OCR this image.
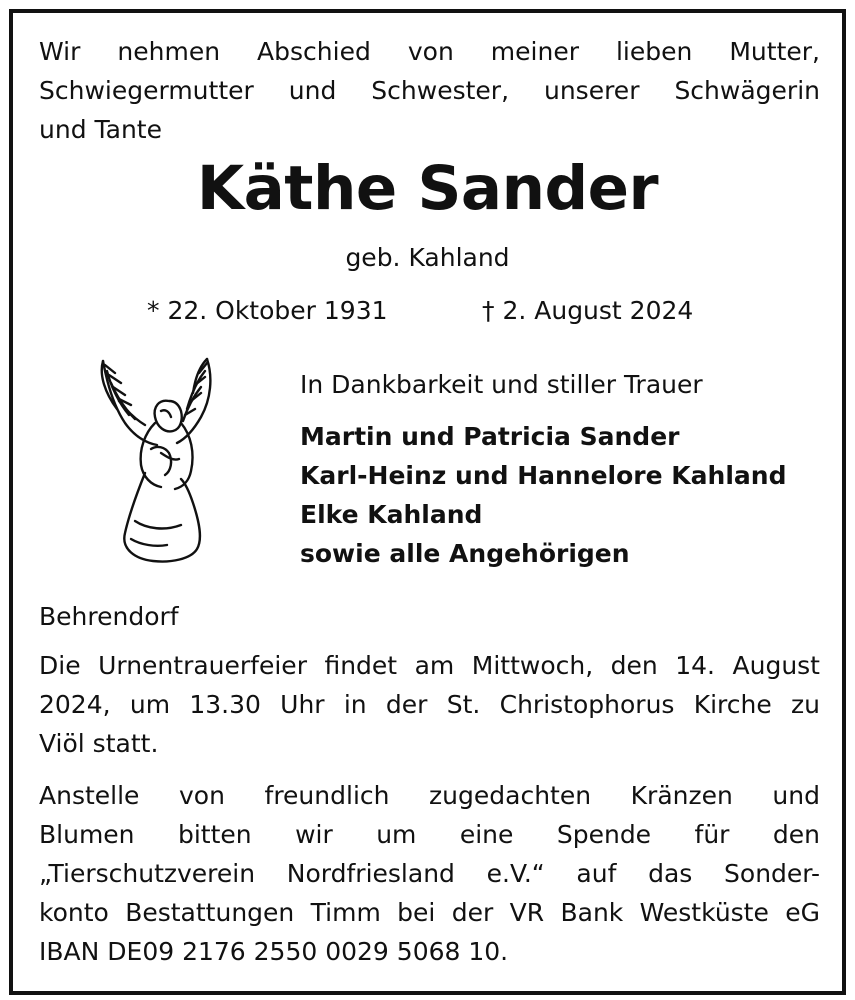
Wir nehmen Abschied von meiner lieben Mutter,
Schwiegermutter und Schwester, unserer Schwägerin
und Tante
Käthe Sander
geb. Kahland
* 22. Oktober 1931	† 2. August 2024
In Dankbarkeit und stiller Trauer
Martin und Patricia Sander
Karl-Heinz und Hannelore Kahland
Elke Kahland
sowie alle Angehörigen
Behrendorf
Die Urnentrauerfeier findet am Mittwoch, den 14. August
2024, um 13.30 Uhr in der St. Christophorus Kirche zu
Viöl statt.
Anstelle von freundlich zugedachten Kränzen und
Blumen bitten wir um eine Spende für den
„Tierschutzverein Nordfriesland e.V.“ auf das Sonder-
konto Bestattungen Timm bei der VR Bank Westküste eG
IBAN DE09 2176 2550 0029 5068 10.
